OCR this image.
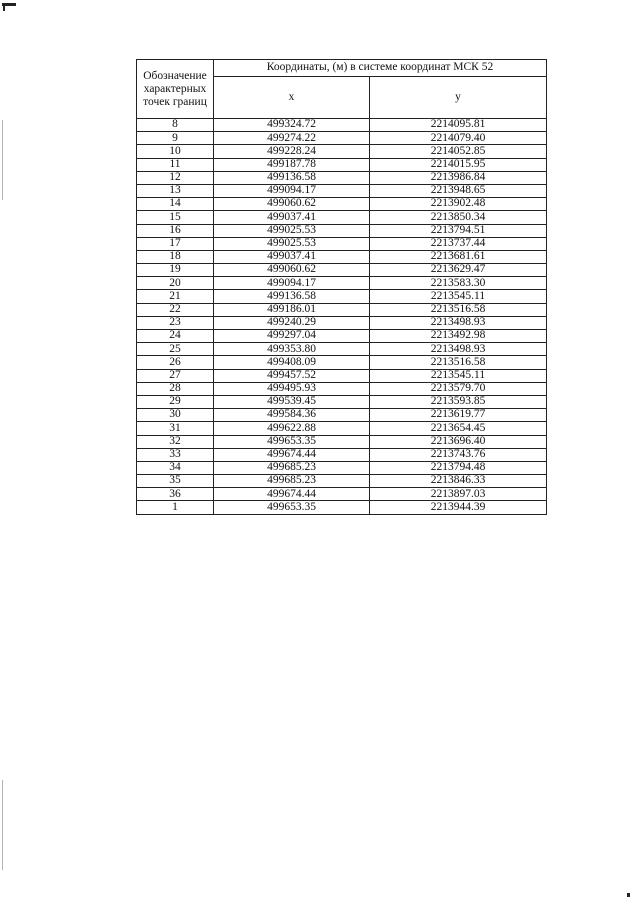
Обозначение характерных точек границ	Координаты, (м) в системе координат МСК 52	
	x	y
8	499324.72	2214095.81
9	499274.22	2214079.40
10	499228.24	2214052.85
11	499187.78	2214015.95
12	499136.58	2213986.84
13	499094.17	2213948.65
14	499060.62	2213902.48
15	499037.41	2213850.34
16	499025.53	2213794.51
17	499025.53	2213737.44
18	499037.41	2213681.61
19	499060.62	2213629.47
20	499094.17	2213583.30
21	499136.58	2213545.11
22	499186.01	2213516.58
23	499240.29	2213498.93
24	499297.04	2213492.98
25	499353.80	2213498.93
26	499408.09	2213516.58
27	499457.52	2213545.11
28	499495.93	2213579.70
29	499539.45	2213593.85
30	499584.36	2213619.77
31	499622.88	2213654.45
32	499653.35	2213696.40
33	499674.44	2213743.76
34	499685.23	2213794.48
35	499685.23	2213846.33
36	499674.44	2213897.03
1	499653.35	2213944.39
